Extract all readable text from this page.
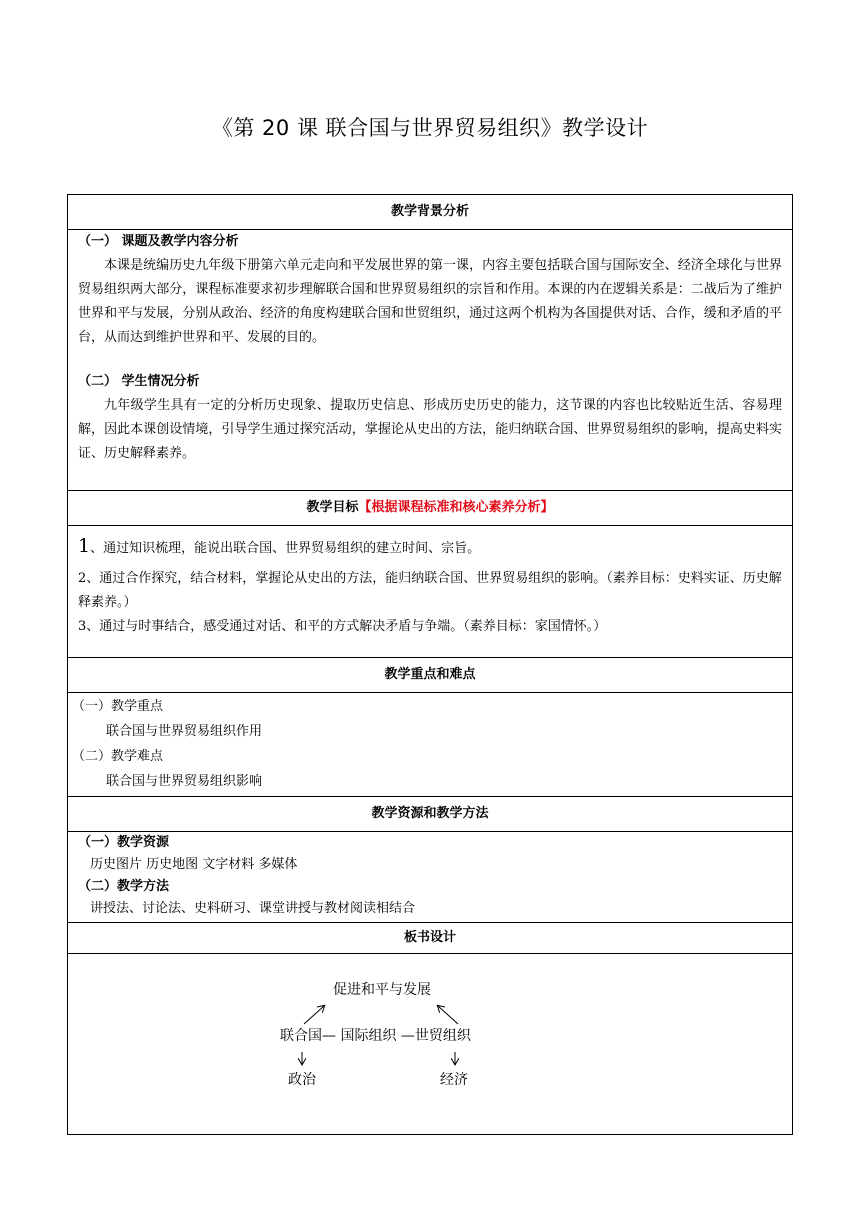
《第 20 课 联合国与世界贸易组织》教学设计
教学背景分析

（一） 课题及教学内容分析

本课是统编历史九年级下册第六单元走向和平发展世界的第一课，内容主要包括联合国与国际安全、经济全球化与世界贸易组织两大部分，课程标准要求初步理解联合国和世界贸易组织的宗旨和作用。本课的内在逻辑关系是：二战后为了维护世界和平与发展，分别从政治、经济的角度构建联合国和世贸组织，通过这两个机构为各国提供对话、合作，缓和矛盾的平台，从而达到维护世界和平、发展的目的。

（二） 学生情况分析

九年级学生具有一定的分析历史现象、提取历史信息、形成历史历史的能力，这节课的内容也比较贴近生活、容易理解，因此本课创设情境，引导学生通过探究活动，掌握论从史出的方法，能归纳联合国、世界贸易组织的影响，提高史料实证、历史解释素养。

教学目标【根据课程标准和核心素养分析】

1、通过知识梳理，能说出联合国、世界贸易组织的建立时间、宗旨。

2、通过合作探究，结合材料，掌握论从史出的方法，能归纳联合国、世界贸易组织的影响。（素养目标：史料实证、历史解释素养。）

3、通过与时事结合，感受通过对话、和平的方式解决矛盾与争端。（素养目标：家国情怀。）

教学重点和难点

（一）教学重点
联合国与世界贸易组织作用
（二）教学难点
联合国与世界贸易组织影响

教学资源和教学方法

（一）教学资源
历史图片 历史地图 文字材料 多媒体
（二）教学方法
讲授法、讨论法、史料研习、课堂讲授与教材阅读相结合

板书设计

促进和平与发展
联合国— 国际组织 —世贸组织
政治	经济
